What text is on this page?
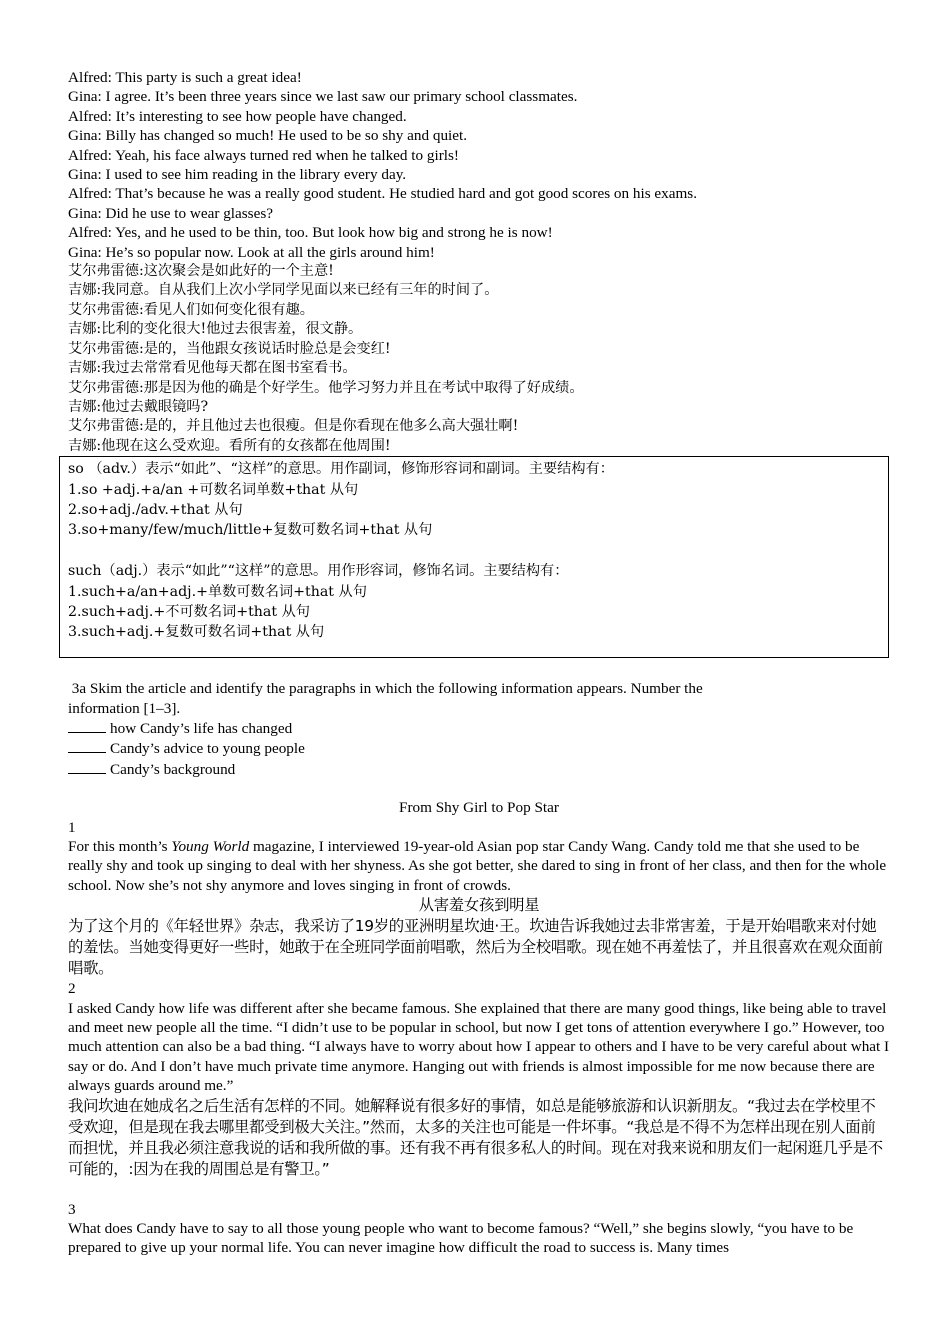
Alfred: This party is such a great idea!
Gina: I agree. It’s been three years since we last saw our primary school classmates.
Alfred: It’s interesting to see how people have changed.
Gina: Billy has changed so much! He used to be so shy and quiet.
Alfred: Yeah, his face always turned red when he talked to girls!
Gina: I used to see him reading in the library every day.
Alfred: That’s because he was a really good student. He studied hard and got good scores on his exams.
Gina: Did he use to wear glasses?
Alfred: Yes, and he used to be thin, too. But look how big and strong he is now!
Gina: He’s so popular now. Look at all the girls around him!
艾尔弗雷德:这次聚会是如此好的一个主意!
吉娜:我同意。自从我们上次小学同学见面以来已经有三年的时间了。
艾尔弗雷德:看见人们如何变化很有趣。
吉娜:比利的变化很大!他过去很害羞，很文静。
艾尔弗雷德:是的，当他跟女孩说话时脸总是会变红!
吉娜:我过去常常看见他每天都在图书室看书。
艾尔弗雷德:那是因为他的确是个好学生。他学习努力并且在考试中取得了好成绩。
吉娜:他过去戴眼镜吗?
艾尔弗雷德:是的，并且他过去也很瘦。但是你看现在他多么高大强壮啊!
吉娜:他现在这么受欢迎。看所有的女孩都在他周围!
so （adv.）表示“如此”、“这样”的意思。用作副词，修饰形容词和副词。主要结构有：
1.so +adj.+a/an +可数名词单数+that 从句
2.so+adj./adv.+that 从句
3.so+many/few/much/little+复数可数名词+that 从句
such（adj.）表示“如此”“这样”的意思。用作形容词，修饰名词。主要结构有：
1.such+a/an+adj.+单数可数名词+that 从句
2.such+adj.+不可数名词+that 从句
3.such+adj.+复数可数名词+that 从句
3a Skim the article and identify the paragraphs in which the following information appears. Number the
information [1–3].
how Candy’s life has changed
Candy’s advice to young people
Candy’s background
From Shy Girl to Pop Star
1
For this month’s Young World magazine, I interviewed 19-year-old Asian pop star Candy Wang. Candy told me that she used to be really shy and took up singing to deal with her shyness. As she got better, she dared to sing in front of her class, and then for the whole school. Now she’s not shy anymore and loves singing in front of crowds.
从害羞女孩到明星
为了这个月的《年轻世界》杂志，我采访了19岁的亚洲明星坎迪·王。坎迪告诉我她过去非常害羞，于是开始唱歌来对付她的羞怯。当她变得更好一些时，她敢于在全班同学面前唱歌，然后为全校唱歌。现在她不再羞怯了，并且很喜欢在观众面前唱歌。
2
I asked Candy how life was different after she became famous. She explained that there are many good things, like being able to travel and meet new people all the time. “I didn’t use to be popular in school, but now I get tons of attention everywhere I go.” However, too much attention can also be a bad thing. “I always have to worry about how I appear to others and I have to be very careful about what I say or do. And I don’t have much private time anymore. Hanging out with friends is almost impossible for me now because there are always guards around me.”
我问坎迪在她成名之后生活有怎样的不同。她解释说有很多好的事情，如总是能够旅游和认识新朋友。“我过去在学校里不受欢迎，但是现在我去哪里都受到极大关注。”然而，太多的关注也可能是一件坏事。“我总是不得不为怎样出现在别人面前而担忧，并且我必须注意我说的话和我所做的事。还有我不再有很多私人的时间。现在对我来说和朋友们一起闲逛几乎是不可能的，:因为在我的周围总是有警卫。”
3
What does Candy have to say to all those young people who want to become famous? “Well,” she begins slowly, “you have to be prepared to give up your normal life. You can never imagine how difficult the road to success is. Many times
